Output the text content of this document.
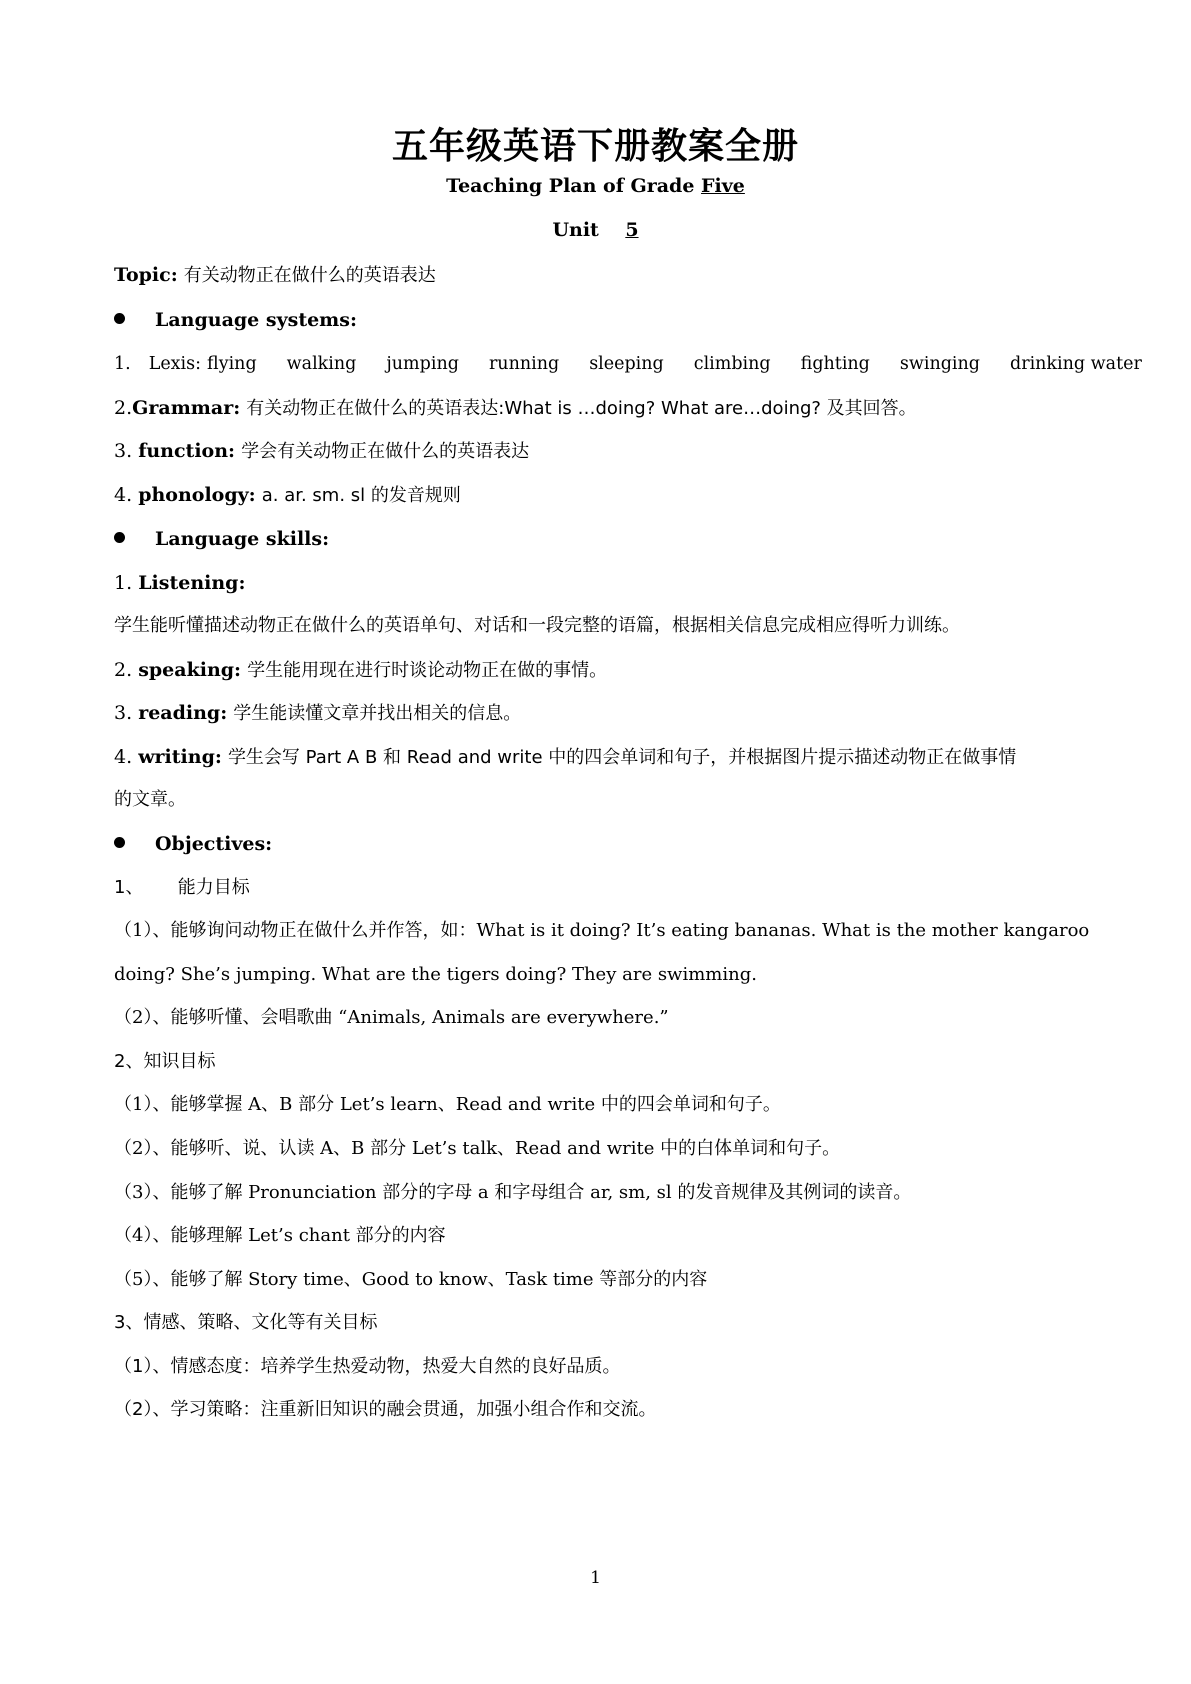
五年级英语下册教案全册
Teaching Plan of Grade Five
Unit 5
Topic: 有关动物正在做什么的英语表达
Language systems:
1. Lexis: flying walking jumping running sleeping climbing fighting swinging drinking water
2.Grammar: 有关动物正在做什么的英语表达:What is …doing? What are…doing? 及其回答。
3. function: 学会有关动物正在做什么的英语表达
4. phonology: a. ar. sm. sl 的发音规则
Language skills:
1. Listening:
学生能听懂描述动物正在做什么的英语单句、对话和一段完整的语篇，根据相关信息完成相应得听力训练。
2. speaking: 学生能用现在进行时谈论动物正在做的事情。
3. reading: 学生能读懂文章并找出相关的信息。
4. writing: 学生会写 Part A B 和 Read and write 中的四会单词和句子，并根据图片提示描述动物正在做事情
的文章。
Objectives:
1、      能力目标
（1）、能够询问动物正在做什么并作答，如：What is it doing? It’s eating bananas. What is the mother kangaroo
doing? She’s jumping. What are the tigers doing? They are swimming.
（2）、能够听懂、会唱歌曲 “Animals, Animals are everywhere.”
2、知识目标
（1）、能够掌握 A、B 部分 Let’s learn、Read and write 中的四会单词和句子。
（2）、能够听、说、认读 A、B 部分 Let’s talk、Read and write 中的白体单词和句子。
（3）、能够了解 Pronunciation 部分的字母 a 和字母组合 ar, sm, sl 的发音规律及其例词的读音。
（4）、能够理解 Let’s chant 部分的内容
（5）、能够了解 Story time、Good to know、Task time 等部分的内容
3、情感、策略、文化等有关目标
（1）、情感态度：培养学生热爱动物，热爱大自然的良好品质。
（2）、学习策略：注重新旧知识的融会贯通，加强小组合作和交流。
1
